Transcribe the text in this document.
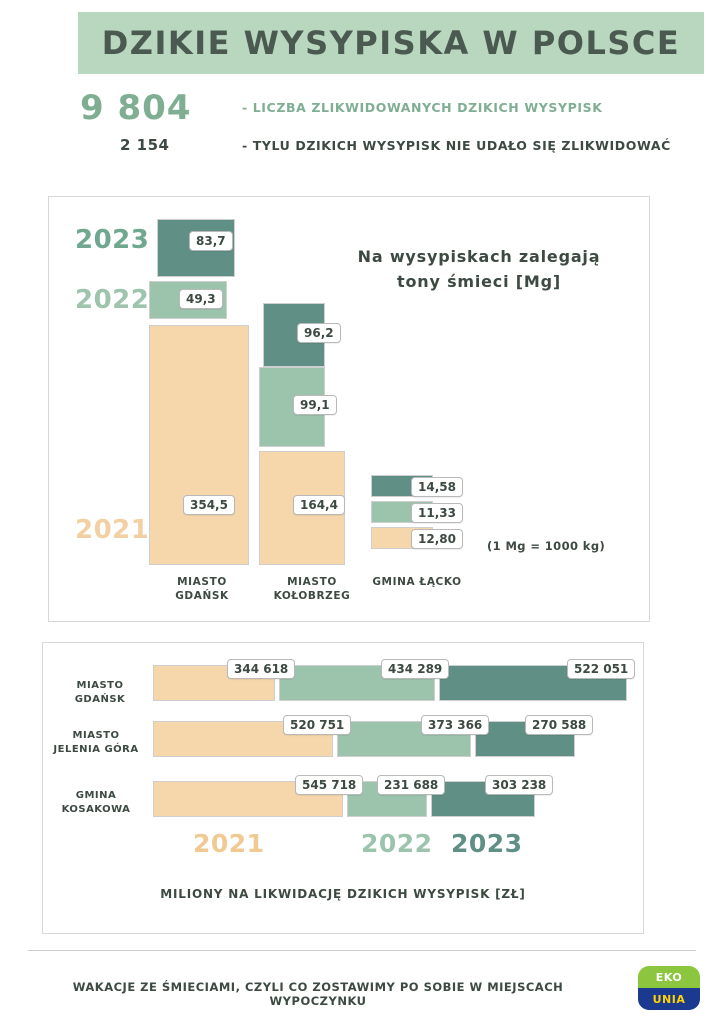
DZIKIE WYSYPISKA W POLSCE
9 804	- LICZBA ZLIKWIDOWANYCH DZIKICH WYSYPISK
2 154	- TYLU DZIKICH WYSYPISK NIE UDAŁO SIĘ ZLIKWIDOWAĆ
Na wysypiskach zalegają tony śmieci [Mg]
2023
2022
2021
83,7
49,3
354,5
MIASTO GDAŃSK
96,2
99,1
164,4
MIASTO KOŁOBRZEG
14,58
11,33
12,80
GMINA ŁĄCKO
(1 Mg = 1000 kg)
MIASTO GDAŃSK
344 618	434 289	522 051
MIASTO JELENIA GÓRA
520 751	373 366	270 588
GMINA KOSAKOWA
545 718	231 688	303 238
2021	2022 2023
MILIONY NA LIKWIDACJĘ DZIKICH WYSYPISK [ZŁ]
WAKACJE ZE ŚMIECIAMI, CZYLI CO ZOSTAWIMY PO SOBIE W MIEJSCACH WYPOCZYNKU
EKO
UNIA
